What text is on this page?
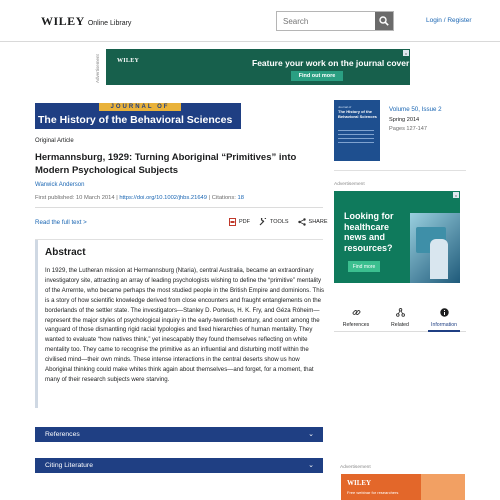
WILEY Online Library
Search	Login / Register
Advertisement	WILEY	Feature your work on the journal cover
Find out more
x
JOURNAL OF
The History of the Behavioral Sciences
Original Article
Hermannsburg, 1929: Turning Aboriginal “Primitives” into Modern Psychological Subjects
Warwick Anderson
First published: 10 March 2014 | https://doi.org/10.1002/jhbs.21649 | Citations: 18
Read the full text >	PDF	TOOLS	SHARE
Abstract

In 1929, the Lutheran mission at Hermannsburg (Ntaria), central Australia, became an extraordinary investigatory site, attracting an array of leading psychologists wishing to define the “primitive” mentality of the Arrernte, who became perhaps the most studied people in the British Empire and dominions. This is a story of how scientific knowledge derived from close encounters and fraught entanglements on the borderlands of the settler state. The investigators—Stanley D. Porteus, H. K. Fry, and Géza Róheim—represent the major styles of psychological inquiry in the early-twentieth century, and count among the vanguard of those dismantling rigid racial typologies and fixed hierarchies of human mentality. They wanted to evaluate “how natives think,” yet inescapably they found themselves reflecting on white mentality too. They came to recognise the primitive as an influential and disturbing motif within the civilised mind—their own minds. These intense interactions in the central deserts show us how Aboriginal thinking could make whites think again about themselves—and forget, for a moment, that many of their research subjects were starving.

References	⌄
Citing Literature	⌄
Journal of
The History of the Behavioral Sciences
Volume 50, Issue 2
Spring 2014
Pages 127-147
Advertisement
Looking for healthcare news and resources?
Find more
x
References	Related	Information
Advertisement
WILEY
Free webinar for researchers
